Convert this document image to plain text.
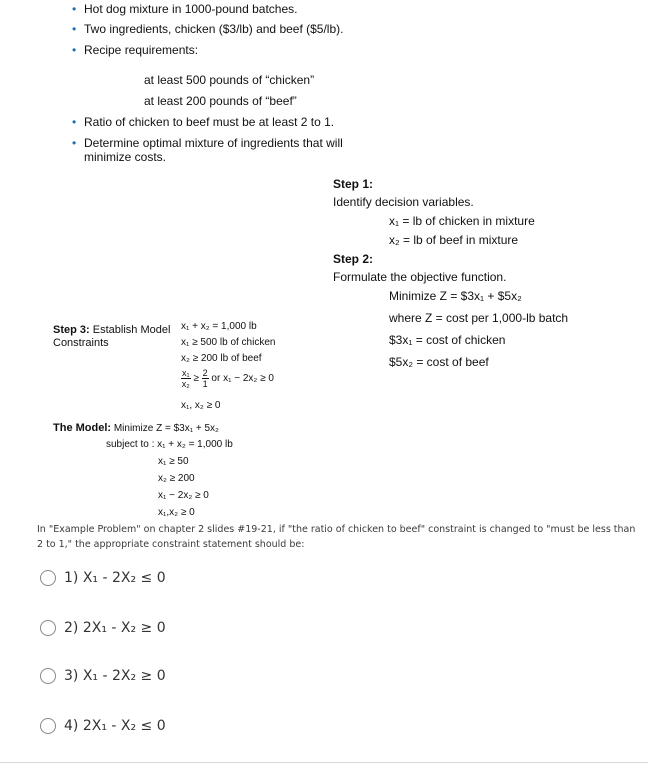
• Hot dog mixture in 1000-pound batches.
• Two ingredients, chicken ($3/lb) and beef ($5/lb).
• Recipe requirements:
at least 500 pounds of “chicken”
at least 200 pounds of “beef”
• Ratio of chicken to beef must be at least 2 to 1.
• Determine optimal mixture of ingredients that will
minimize costs.
Step 1:
Identify decision variables.
x₁ = lb of chicken in mixture
x₂ = lb of beef in mixture
Step 2:
Formulate the objective function.
Minimize Z = $3x₁ + $5x₂
where Z = cost per 1,000-lb batch
$3x₁ = cost of chicken
$5x₂ = cost of beef
Step 3: Establish Model
Constraints
x₁ + x₂ = 1,000 lb
x₁ ≥ 500 lb of chicken
x₂ ≥ 200 lb of beef
$\frac{\text{x₁}}{\text{x₂}} \ge \frac{2}{1}$ or x₁ − 2x₂ ≥ 0
x₁, x₂ ≥ 0
The Model: Minimize Z = $3x₁ + 5x₂
subject to : x₁ + x₂ = 1,000 lb
x₁ ≥ 50
x₂ ≥ 200
x₁ − 2x₂ ≥ 0
x₁,x₂ ≥ 0
In "Example Problem" on chapter 2 slides #19-21, if "the ratio of chicken to beef" constraint is changed to "must be less than 2 to 1," the appropriate constraint statement should be:
1) X₁ - 2X₂ ≤ 0
2) 2X₁ - X₂ ≥ 0
3) X₁ - 2X₂ ≥ 0
4) 2X₁ - X₂ ≤ 0
